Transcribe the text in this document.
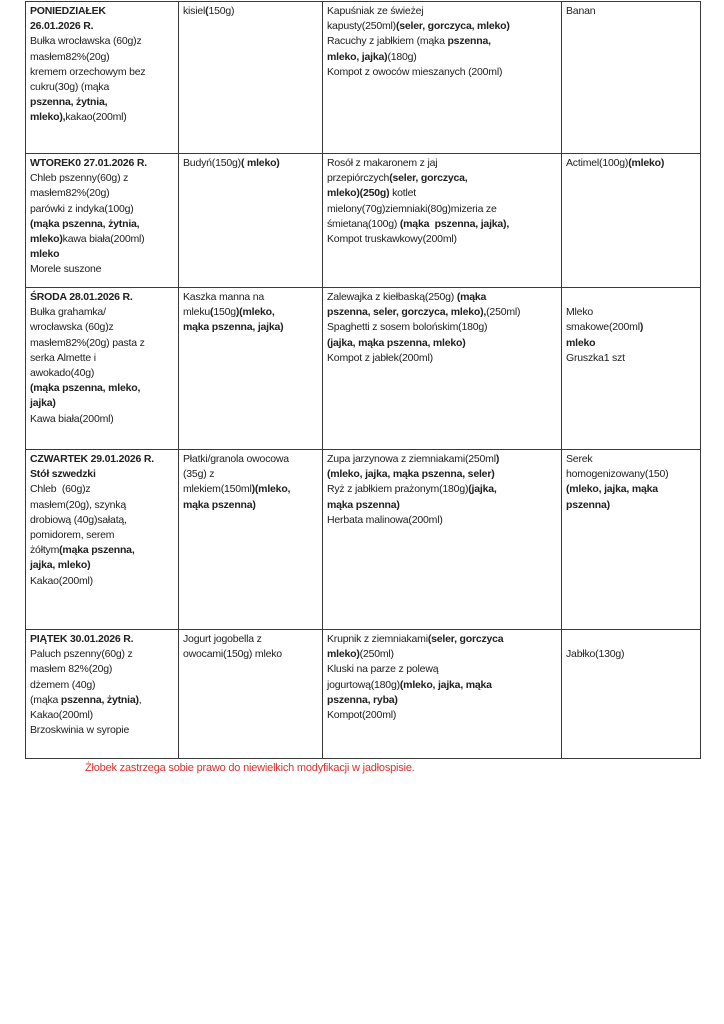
PONIEDZIAŁEK
26.01.2026 R.
Bułka wrocławska (60g)z
masłem82%(20g)
kremem orzechowym bez
cukru(30g) (mąka
pszenna, żytnia,
mleko),kakao(200ml)
kisiel(150g)	Kapuśniak ze świeżej
kapusty(250ml)(seler, gorczyca, mleko)
Racuchy z jabłkiem (mąka pszenna,
mleko, jajka)(180g)
Kompot z owoców mieszanych (200ml)
Banan
WTOREK0 27.01.2026 R.
Chleb pszenny(60g) z
masłem82%(20g)
parówki z indyka(100g)
(mąka pszenna, żytnia,
mleko)kawa biała(200ml)
mleko
Morele suszone
Budyń(150g)( mleko)	Rosół z makaronem z jaj
przepiórczych(seler, gorczyca,
mleko)(250g) kotlet
mielony(70g)ziemniaki(80g)mizeria ze
śmietaną(100g) (mąka  pszenna, jajka),
Kompot truskawkowy(200ml)
Actimel(100g)(mleko)
ŚRODA 28.01.2026 R.
Bułka grahamka/
wrocławska (60g)z
masłem82%(20g) pasta z
serka Almette i
awokado(40g)
(mąka pszenna, mleko,
jajka)
Kawa biała(200ml)
Kaszka manna na
mleku(150g)(mleko,
mąka pszenna, jajka)
Zalewajka z kiełbaską(250g) (mąka
pszenna, seler, gorczyca, mleko),(250ml)
Spaghetti z sosem bolońskim(180g)
(jajka, mąka pszenna, mleko)
Kompot z jabłek(200ml)

Mleko
smakowe(200ml)
mleko
Gruszka1 szt
CZWARTEK 29.01.2026 R.
Stół szwedzki
Chleb  (60g)z
masłem(20g), szynką
drobiową (40g)sałatą,
pomidorem, serem
żółtym(mąka pszenna,
jajka, mleko)
Kakao(200ml)
Płatki/granola owocowa
(35g) z
mlekiem(150ml)(mleko,
mąka pszenna)
Zupa jarzynowa z ziemniakami(250ml)
(mleko, jajka, mąka pszenna, seler)
Ryż z jabłkiem prażonym(180g)(jajka,
mąka pszenna)
Herbata malinowa(200ml)
Serek
homogenizowany(150)
(mleko, jajka, mąka
pszenna)
PIĄTEK 30.01.2026 R.
Paluch pszenny(60g) z
masłem 82%(20g)
dżemem (40g)
(mąka pszenna, żytnia),
Kakao(200ml)
Brzoskwinia w syropie
Jogurt jogobella z
owocami(150g) mleko
Krupnik z ziemniakami(seler, gorczyca
mleko)(250ml)
Kluski na parze z polewą
jogurtową(180g)(mleko, jajka, mąka
pszenna, ryba)
Kompot(200ml)

Jabłko(130g)
Żłobek zastrzega sobie prawo do niewielkich modyfikacji w jadłospisie.
